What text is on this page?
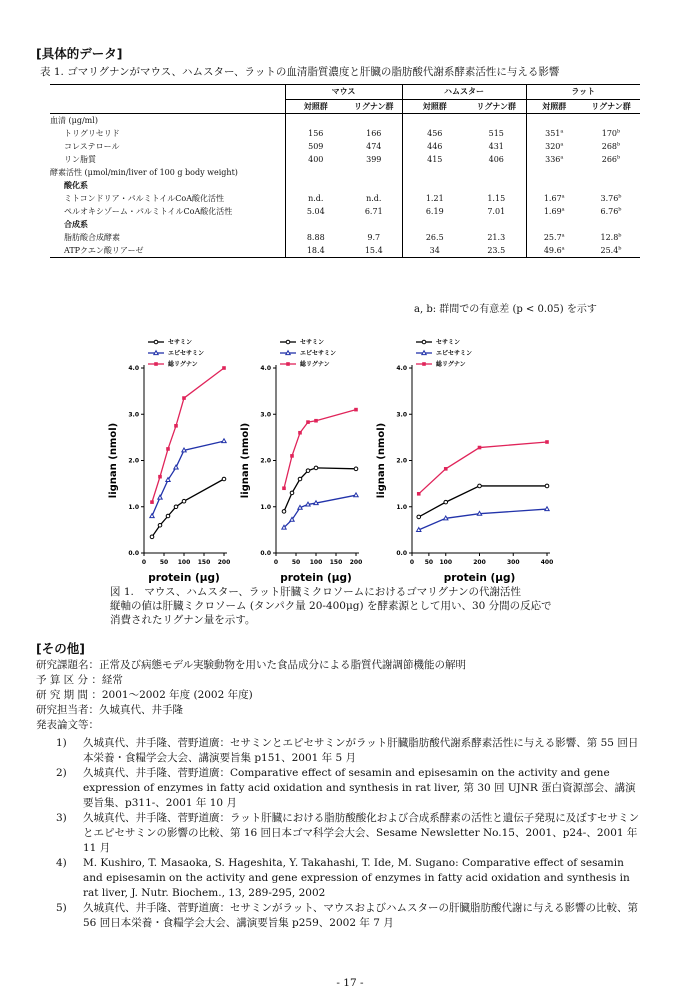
[具体的データ]
表 1. ゴマリグナンがマウス、ハムスター、ラットの血清脂質濃度と肝臓の脂肪酸代謝系酵素活性に与える影響
	マウス		ハムスター		ラット	
	対照群	リグナン群	対照群	リグナン群	対照群	リグナン群
血清 (μg/ml)						
トリグリセリド	156	166	456	515	351$^a$	170$^b$
コレステロール	509	474	446	431	320$^a$	268$^b$
リン脂質	400	399	415	406	336$^a$	266$^b$
酵素活性 (μmol/min/liver of 100 g body weight)						
酸化系						
ミトコンドリア・パルミトイルCoA酸化活性	n.d.	n.d.	1.21	1.15	1.67$^a$	3.76$^b$
ペルオキシゾーム・パルミトイルCoA酸化活性	5.04	6.71	6.19	7.01	1.69$^a$	6.76$^b$
合成系						
脂肪酸合成酵素	8.88	9.7	26.5	21.3	25.7$^a$	12.8$^b$
ATPクエン酸リアーゼ	18.4	15.4	34	23.5	49.6$^a$	25.4$^b$
a, b: 群間での有意差 (p < 0.05) を示す
0.0
1.0
2.0
3.0
4.0
0 50 100 150 200
protein (μg)
lignan (nmol)
セサミン
エピセサミン
総リグナン
0.0
1.0
2.0
3.0
4.0
0 50 100 150 200
protein (μg)
lignan (nmol)
セサミン
エピセサミン
総リグナン
0.0
1.0
2.0
3.0
4.0
0 50 100	200	300	400
protein (μg)
lignan (nmol)
セサミン
エピセサミン
総リグナン
図 1.　マウス、ハムスター、ラット肝臓ミクロソームにおけるゴマリグナンの代謝活性
縦軸の値は肝臓ミクロソーム (タンパク量 20-400μg) を酵素源として用い、30 分間の反応で
消費されたリグナン量を示す。
[その他]
研究課題名：正常及び病態モデル実験動物を用いた食品成分による脂質代謝調節機能の解明
予 算 区 分 ：経常
研 究 期 間 ：2001～2002 年度 (2002 年度)
研究担当者：久城真代、井手隆
発表論文等：
1) 久城真代、井手隆、菅野道廣：セサミンとエピセサミンがラット肝臓脂肪酸代謝系酵素活性に与える影響、第 55 回日本栄養・食糧学会大会、講演要旨集 p151、2001 年 5 月
2) 久城真代、井手隆、菅野道廣：Comparative effect of sesamin and episesamin on the activity and gene expression of enzymes in fatty acid oxidation and synthesis in rat liver, 第 30 回 UJNR 蛋白資源部会、講演要旨集、p311-、2001 年 10 月
3) 久城真代、井手隆、菅野道廣：ラット肝臓における脂肪酸酸化および合成系酵素の活性と遺伝子発現に及ぼすセサミンとエピセサミンの影響の比較、第 16 回日本ゴマ科学会大会、Sesame Newsletter No.15、2001、p24-、2001 年 11 月
4) M. Kushiro, T. Masaoka, S. Hageshita, Y. Takahashi, T. Ide, M. Sugano: Comparative effect of sesamin and episesamin on the activity and gene expression of enzymes in fatty acid oxidation and synthesis in rat liver, J. Nutr. Biochem., 13, 289-295, 2002
5) 久城真代、井手隆、菅野道廣：セサミンがラット、マウスおよびハムスターの肝臓脂肪酸代謝に与える影響の比較、第 56 回日本栄養・食糧学会大会、講演要旨集 p259、2002 年 7 月
- 17 -
